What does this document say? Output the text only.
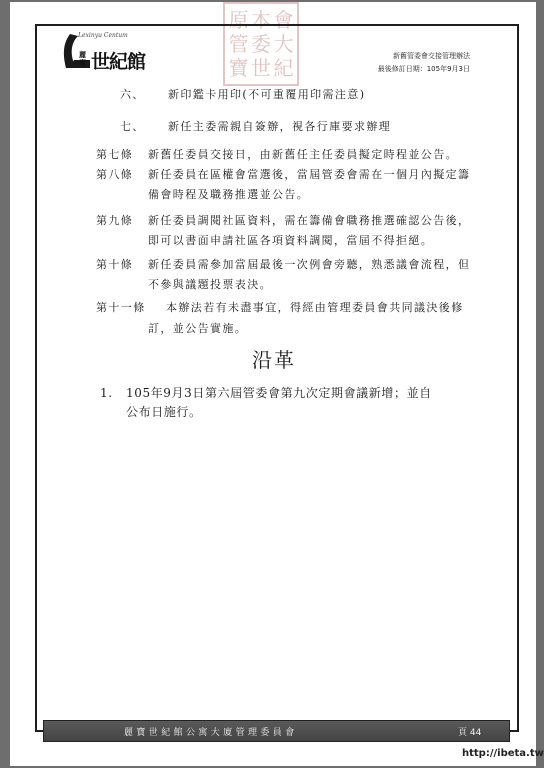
原 本 會
管 委 大
寶 世 紀
Lexinyu Centum
麗寶 世紀館	新舊管委會交接管理辦法
最後修訂日期：105年9月3日
六、 新印鑑卡用印(不可重覆用印需注意)
七、 新任主委需親自簽辦，視各行庫要求辦理
第七條 新舊任委員交接日，由新舊任主任委員擬定時程並公告。
第八條 新任委員在區權會當選後，當屆管委會需在一個月內擬定籌
備會時程及職務推選並公告。
第九條 新任委員調閱社區資料，需在籌備會職務推選確認公告後，
即可以書面申請社區各項資料調閱，當屆不得拒絕。
第十條 新任委員需參加當屆最後一次例會旁聽，熟悉議會流程，但
不參與議題投票表決。
第十一條 本辦法若有未盡事宜，得經由管理委員會共同議決後修
訂，並公告實施。
沿革
1. 105年9月3日第六屆管委會第九次定期會議新增；並自
公布日施行。
麗寶世紀館公寓大廈管理委員會	頁 44
http://ibeta.tw
